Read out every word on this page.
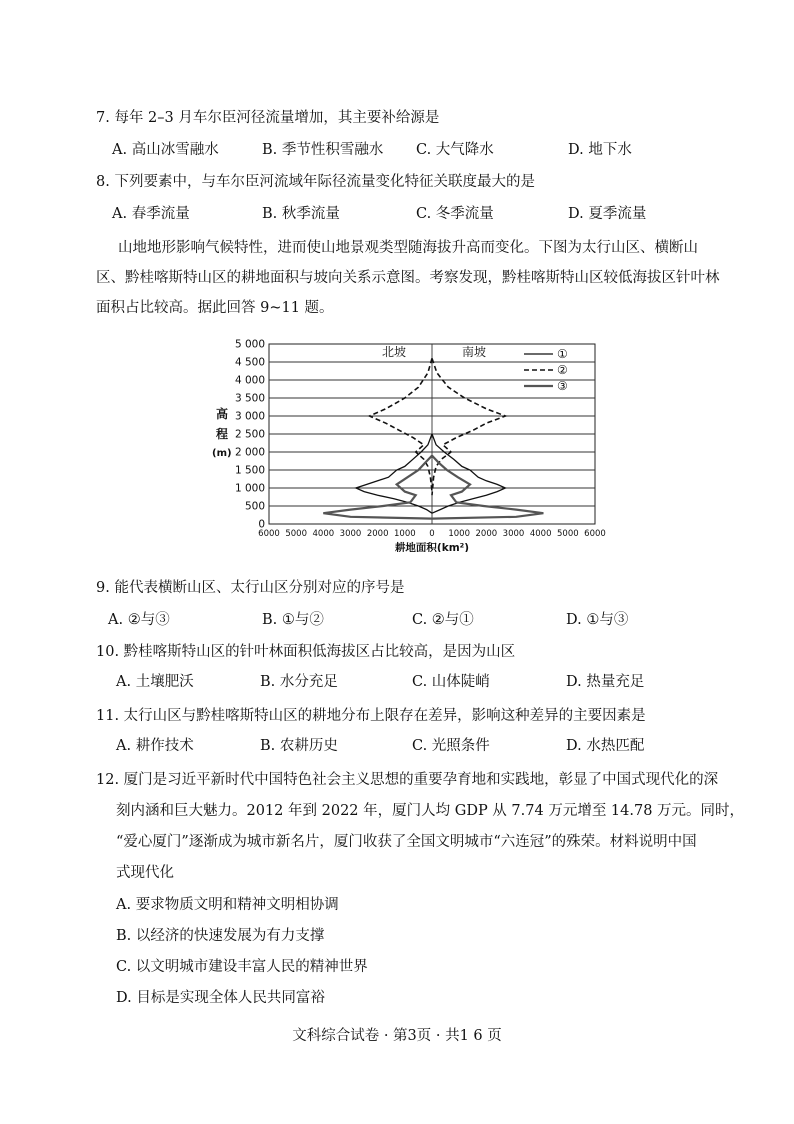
7. 每年 2–3 月车尔臣河径流量增加，其主要补给源是
A. 高山冰雪融水	B. 季节性积雪融水 C. 大气降水	D. 地下水
8. 下列要素中，与车尔臣河流域年际径流量变化特征关联度最大的是
A. 春季流量	B. 秋季流量	C. 冬季流量	D. 夏季流量
山地地形影响气候特性，进而使山地景观类型随海拔升高而变化。下图为太行山区、横断山
区、黔桂喀斯特山区的耕地面积与坡向关系示意图。考察发现，黔桂喀斯特山区较低海拔区针叶林
面积占比较高。据此回答 9~11 题。
0
500
1 000
1 500
2 000
2 500
3 000
3 500
4 000
4 500
5 000
6000 5000 4000 3000 2000 1000 0 1000 2000 3000 4000 5000 6000
耕地面积(km²)
高
程
(m)
北坡	南坡	①
②
③
9. 能代表横断山区、太行山区分别对应的序号是
A. ②与③	B. ①与②	C. ②与①	D. ①与③
10. 黔桂喀斯特山区的针叶林面积低海拔区占比较高，是因为山区
A. 土壤肥沃	B. 水分充足	C. 山体陡峭	D. 热量充足
11. 太行山区与黔桂喀斯特山区的耕地分布上限存在差异，影响这种差异的主要因素是
A. 耕作技术	B. 农耕历史	C. 光照条件	D. 水热匹配
12. 厦门是习近平新时代中国特色社会主义思想的重要孕育地和实践地，彰显了中国式现代化的深
刻内涵和巨大魅力。2012 年到 2022 年，厦门人均 GDP 从 7.74 万元增至 14.78 万元。同时，
“爱心厦门”逐渐成为城市新名片，厦门收获了全国文明城市“六连冠”的殊荣。材料说明中国
式现代化
A. 要求物质文明和精神文明相协调
B. 以经济的快速发展为有力支撑
C. 以文明城市建设丰富人民的精神世界
D. 目标是实现全体人民共同富裕
文科综合试卷 · 第3页 · 共1 6 页
